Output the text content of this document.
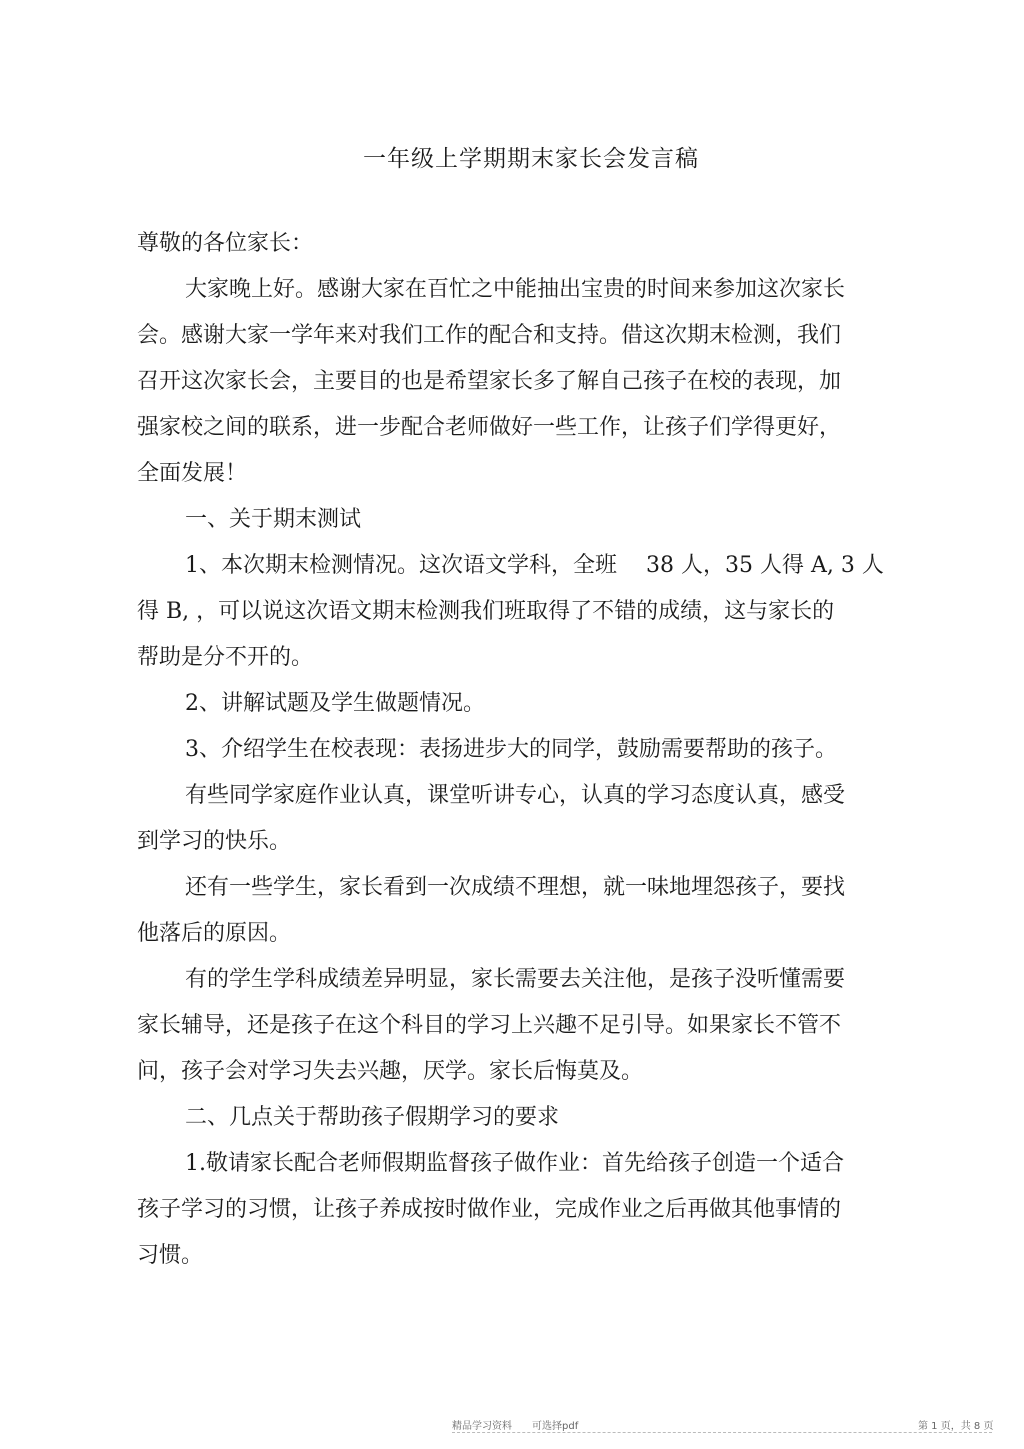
一年级上学期期末家长会发言稿
尊敬的各位家长：
大家晚上好。感谢大家在百忙之中能抽出宝贵的时间来参加这次家长
会。感谢大家一学年来对我们工作的配合和支持。借这次期末检测，我们
召开这次家长会，主要目的也是希望家长多了解自己孩子在校的表现，加
强家校之间的联系，进一步配合老师做好一些工作，让孩子们学得更好，
全面发展！
一、关于期末测试
1、本次期末检测情况。这次语文学科，全班　 38 人，35 人得 A, 3 人
得 B, ，可以说这次语文期末检测我们班取得了不错的成绩，这与家长的
帮助是分不开的。
2、讲解试题及学生做题情况。
3、介绍学生在校表现：表扬进步大的同学，鼓励需要帮助的孩子。
有些同学家庭作业认真，课堂听讲专心，认真的学习态度认真，感受
到学习的快乐。
还有一些学生，家长看到一次成绩不理想，就一味地埋怨孩子，要找
他落后的原因。
有的学生学科成绩差异明显，家长需要去关注他，是孩子没听懂需要
家长辅导，还是孩子在这个科目的学习上兴趣不足引导。如果家长不管不
问，孩子会对学习失去兴趣，厌学。家长后悔莫及。
二、几点关于帮助孩子假期学习的要求
1.敬请家长配合老师假期监督孩子做作业：首先给孩子创造一个适合
孩子学习的习惯，让孩子养成按时做作业，完成作业之后再做其他事情的
习惯。
精品学习资料　　可选择pdf	第 1 页，共 8 页
